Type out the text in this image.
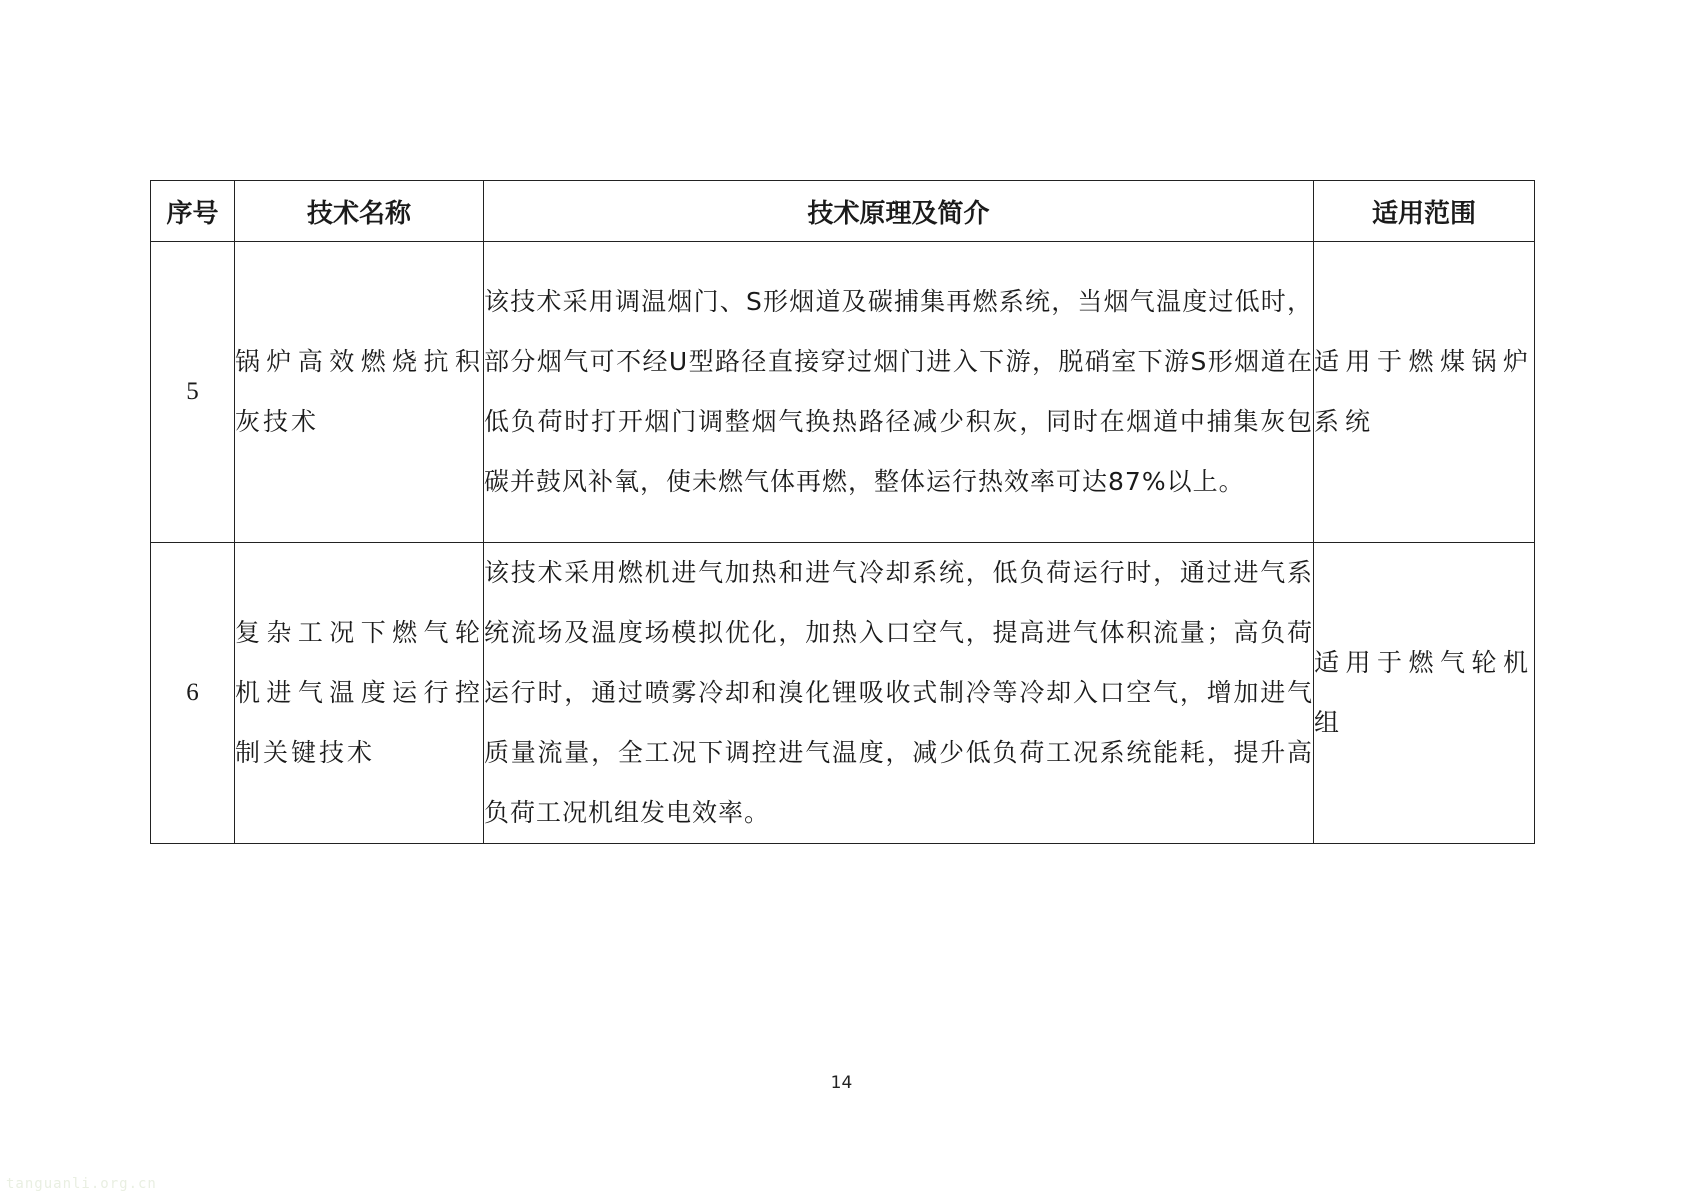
序号	技术名称	技术原理及简介	适用范围
5	锅炉高效燃烧抗积灰技术	该技术采用调温烟门、S形烟道及碳捕集再燃系统，当烟气温度过低时，部分烟气可不经U型路径直接穿过烟门进入下游，脱硝室下游S形烟道在低负荷时打开烟门调整烟气换热路径减少积灰，同时在烟道中捕集灰包碳并鼓风补氧，使未燃气体再燃，整体运行热效率可达87%以上。	适用于燃煤锅炉系统

6	复杂工况下燃气轮机进气温度运行控制关键技术	该技术采用燃机进气加热和进气冷却系统，低负荷运行时，通过进气系统流场及温度场模拟优化，加热入口空气，提高进气体积流量；高负荷运行时，通过喷雾冷却和溴化锂吸收式制冷等冷却入口空气，增加进气质量流量，全工况下调控进气温度，减少低负荷工况系统能耗，提升高负荷工况机组发电效率。	适用于燃气轮机组
14
tanguanli.org.cn
